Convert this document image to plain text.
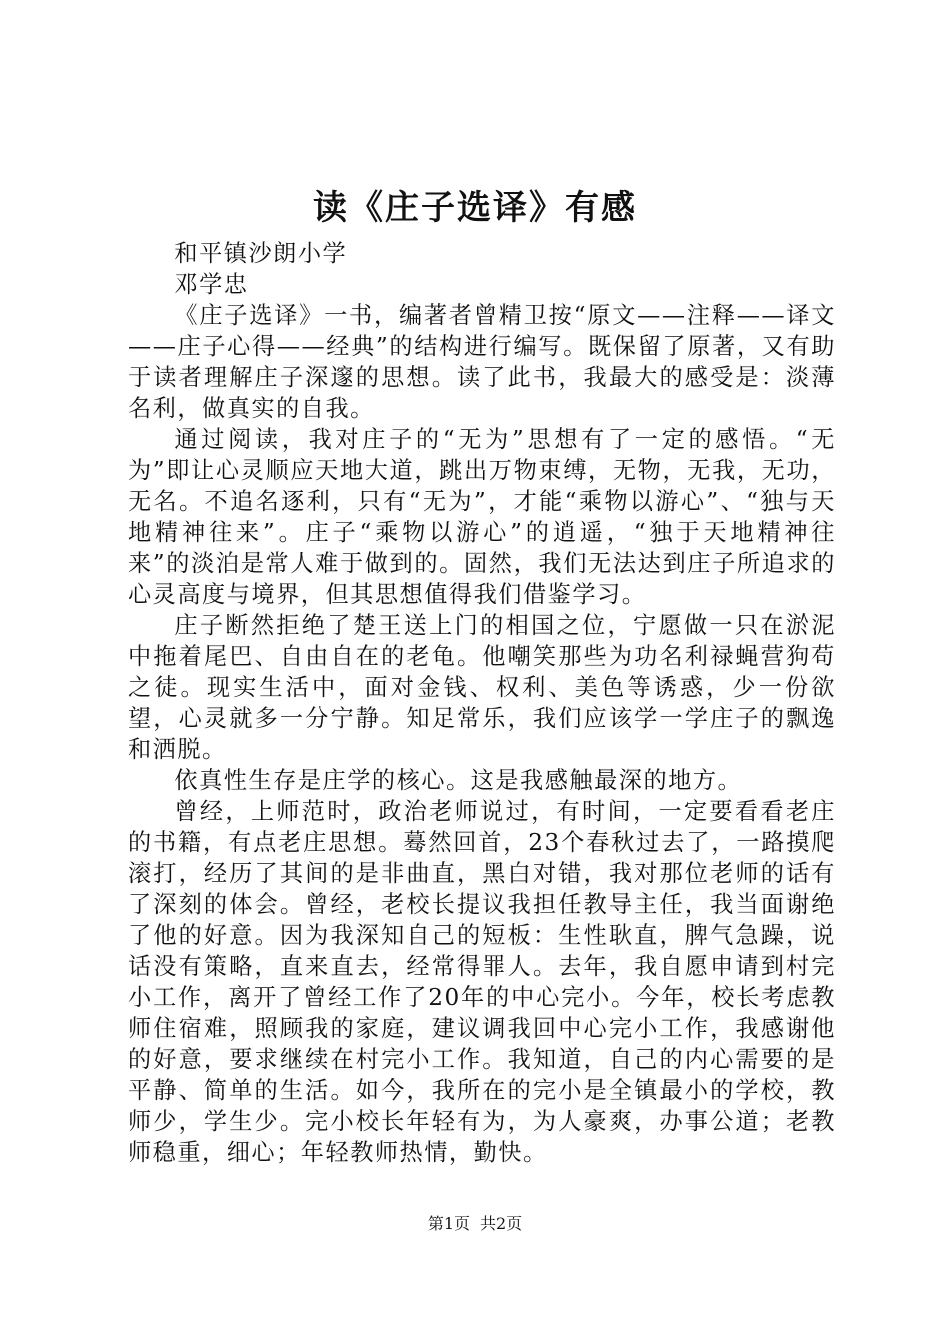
读《庄子选译》有感
和平镇沙朗小学
邓学忠

《庄子选译》一书，编著者曾精卫按“原文——注释——译文——庄子心得——经典”的结构进行编写。既保留了原著，又有助于读者理解庄子深邃的思想。读了此书，我最大的感受是：淡薄名利，做真实的自我。

通过阅读，我对庄子的“无为”思想有了一定的感悟。“无为”即让心灵顺应天地大道，跳出万物束缚，无物，无我，无功，无名。不追名逐利，只有“无为”，才能“乘物以游心”、“独与天地精神往来”。庄子“乘物以游心”的逍遥，“独于天地精神往来”的淡泊是常人难于做到的。固然，我们无法达到庄子所追求的心灵高度与境界，但其思想值得我们借鉴学习。

庄子断然拒绝了楚王送上门的相国之位，宁愿做一只在淤泥中拖着尾巴、自由自在的老龟。他嘲笑那些为功名利禄蝇营狗苟之徒。现实生活中，面对金钱、权利、美色等诱惑，少一份欲望，心灵就多一分宁静。知足常乐，我们应该学一学庄子的飘逸和洒脱。

依真性生存是庄学的核心。这是我感触最深的地方。

曾经，上师范时，政治老师说过，有时间，一定要看看老庄的书籍，有点老庄思想。蓦然回首，23个春秋过去了，一路摸爬滚打，经历了其间的是非曲直，黑白对错，我对那位老师的话有了深刻的体会。曾经，老校长提议我担任教导主任，我当面谢绝了他的好意。因为我深知自己的短板：生性耿直，脾气急躁，说话没有策略，直来直去，经常得罪人。去年，我自愿申请到村完小工作，离开了曾经工作了20年的中心完小。今年，校长考虑教师住宿难，照顾我的家庭，建议调我回中心完小工作，我感谢他的好意，要求继续在村完小工作。我知道，自己的内心需要的是平静、简单的生活。如今，我所在的完小是全镇最小的学校，教师少，学生少。完小校长年轻有为，为人豪爽，办事公道；老教师稳重，细心；年轻教师热情，勤快。

第1页 共2页
